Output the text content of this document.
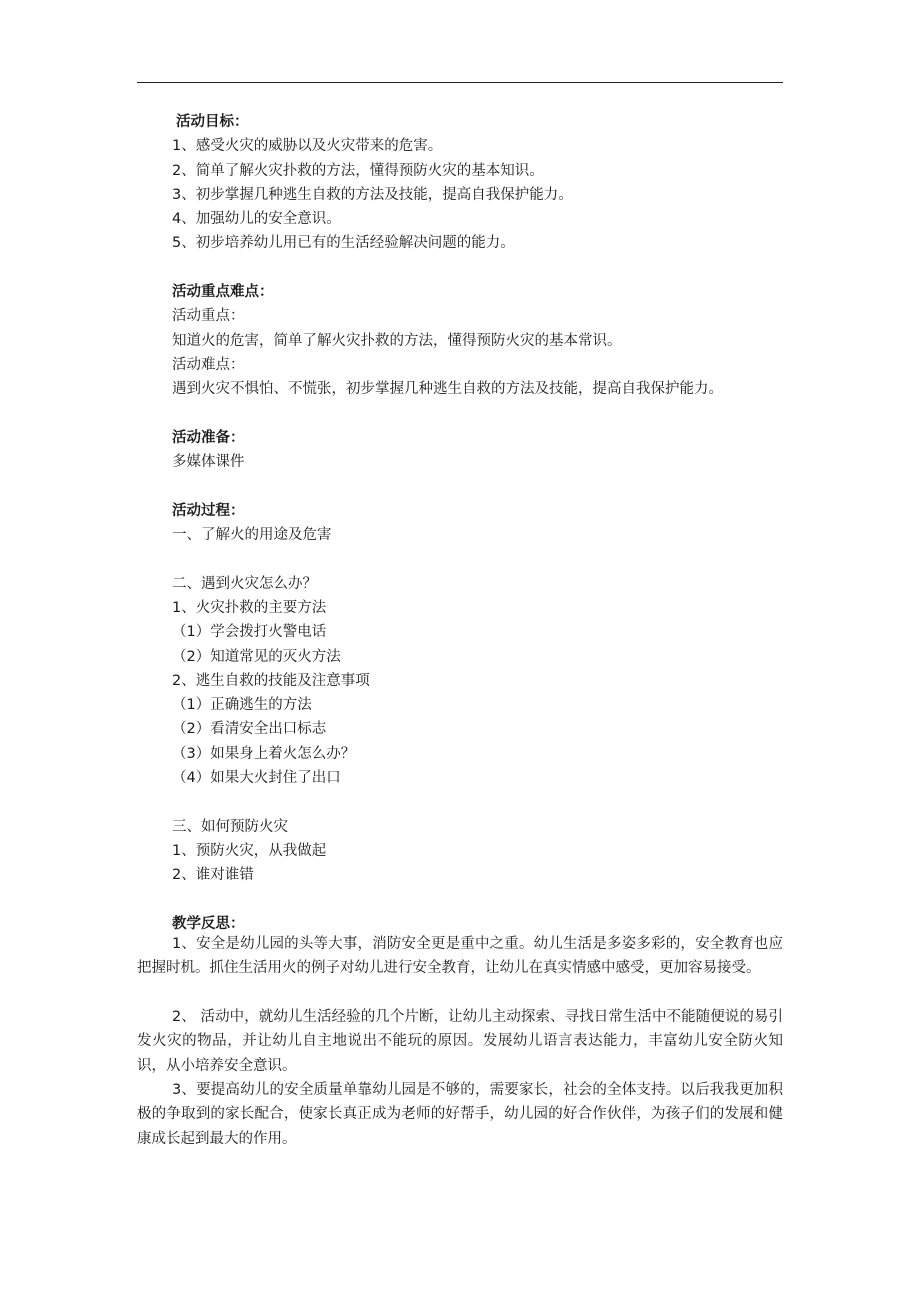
活动目标：
1、感受火灾的威胁以及火灾带来的危害。
2、简单了解火灾扑救的方法，懂得预防火灾的基本知识。
3、初步掌握几种逃生自救的方法及技能，提高自我保护能力。
4、加强幼儿的安全意识。
5、初步培养幼儿用已有的生活经验解决问题的能力。
活动重点难点：
活动重点：
知道火的危害，简单了解火灾扑救的方法，懂得预防火灾的基本常识。
活动难点：
遇到火灾不惧怕、不慌张，初步掌握几种逃生自救的方法及技能，提高自我保护能力。
活动准备：
多媒体课件
活动过程：
一、了解火的用途及危害
二、遇到火灾怎么办？
1、火灾扑救的主要方法
（1）学会拨打火警电话
（2）知道常见的灭火方法
2、逃生自救的技能及注意事项
（1）正确逃生的方法
（2）看清安全出口标志
（3）如果身上着火怎么办？
（4）如果大火封住了出口
三、如何预防火灾
1、预防火灾，从我做起
2、谁对谁错
教学反思：
1、安全是幼儿园的头等大事，消防安全更是重中之重。幼儿生活是多姿多彩的，安全教育也应把握时机。抓住生活用火的例子对幼儿进行安全教育，让幼儿在真实情感中感受，更加容易接受。
2、 活动中，就幼儿生活经验的几个片断，让幼儿主动探索、寻找日常生活中不能随便说的易引发火灾的物品，并让幼儿自主地说出不能玩的原因。发展幼儿语言表达能力，丰富幼儿安全防火知识，从小培养安全意识。
3、要提高幼儿的安全质量单靠幼儿园是不够的，需要家长，社会的全体支持。以后我我更加积极的争取到的家长配合，使家长真正成为老师的好帮手，幼儿园的好合作伙伴，为孩子们的发展和健康成长起到最大的作用。
